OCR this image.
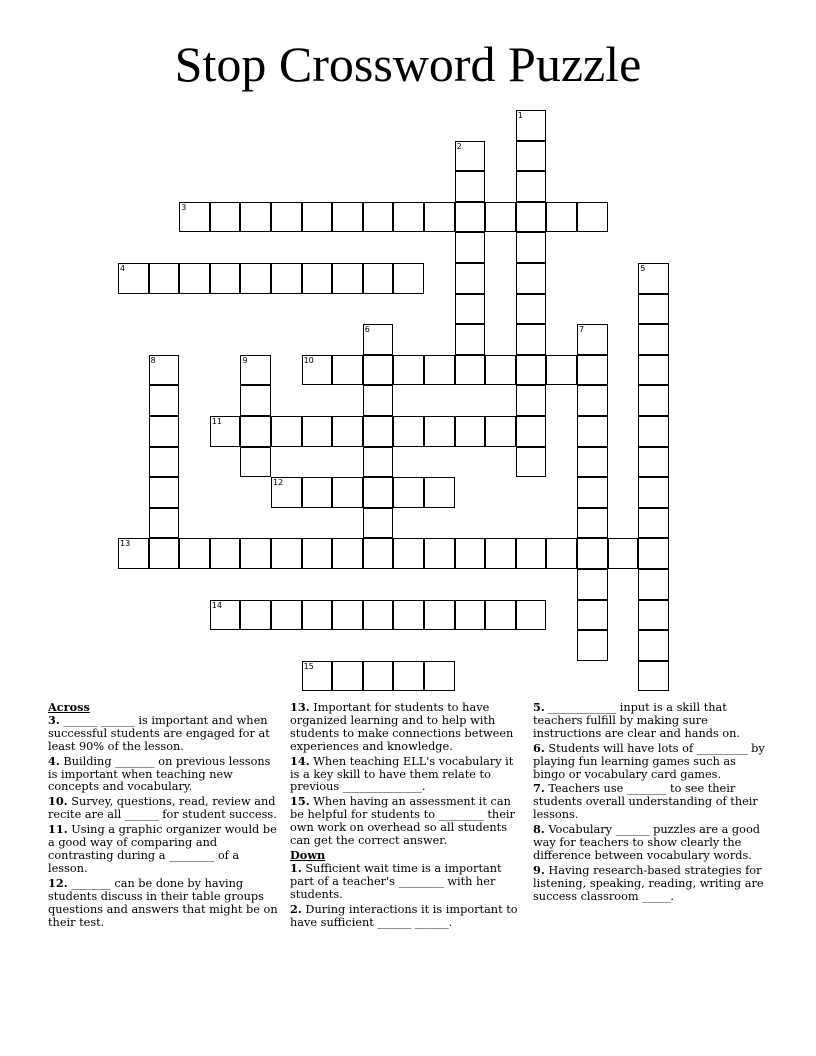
Stop Crossword Puzzle
1
2
3
4	5
6	7
8	9	10
11
12
13
14
15

Across

3. ______ ______ is important and when successful students are engaged for at least 90% of the lesson.

4. Building _______ on previous lessons is important when teaching new concepts and vocabulary.

10. Survey, questions, read, review and recite are all ______ for student success.

11. Using a graphic organizer would be a good way of comparing and contrasting during a ________ of a lesson.

12. _______ can be done by having students discuss in their table groups questions and answers that might be on their test.

13. Important for students to have organized learning and to help with students to make connections between experiences and knowledge.

14. When teaching ELL's vocabulary it is a key skill to have them relate to previous ______________.

15. When having an assessment it can be helpful for students to ________ their own work on overhead so all students can get the correct answer.

Down

1. Sufficient wait time is a important part of a teacher's ________ with her students.

2. During interactions it is important to have sufficient ______ ______.

5. ____________ input is a skill that teachers fulfill by making sure instructions are clear and hands on.

6. Students will have lots of _________ by playing fun learning games such as bingo or vocabulary card games.

7. Teachers use _______ to see their students overall understanding of their lessons.

8. Vocabulary ______ puzzles are a good way for teachers to show clearly the difference between vocabulary words.

9. Having research-based strategies for listening, speaking, reading, writing are success classroom _____.
